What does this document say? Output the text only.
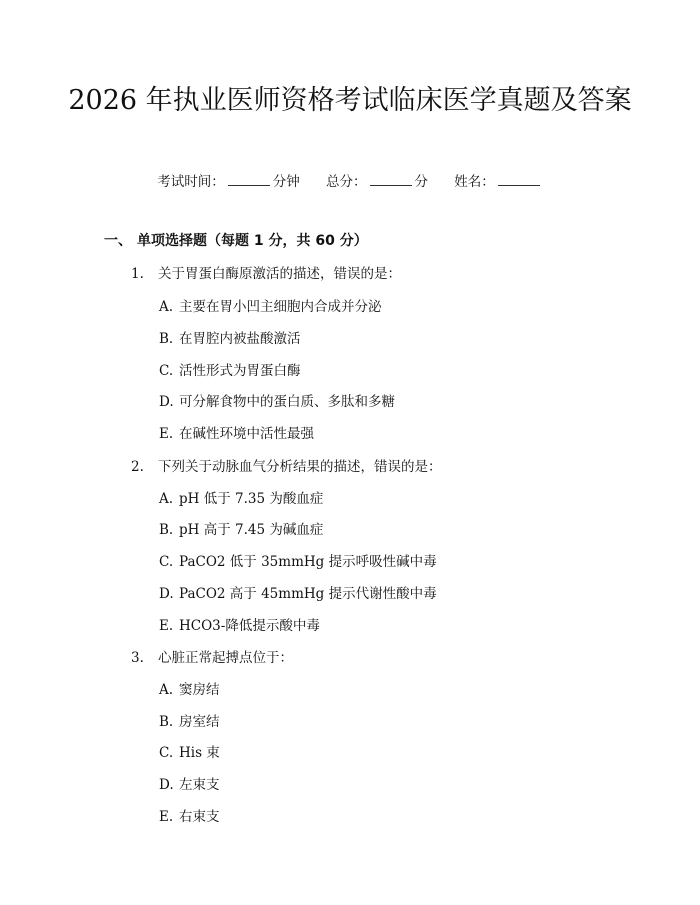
2026 年执业医师资格考试临床医学真题及答案
考试时间：	分钟 总分：	分 姓名：
一、 单项选择题（每题 1 分，共 60 分）
1. 关于胃蛋白酶原激活的描述，错误的是：
A. 主要在胃小凹主细胞内合成并分泌
B. 在胃腔内被盐酸激活
C. 活性形式为胃蛋白酶
D. 可分解食物中的蛋白质、多肽和多糖
E. 在碱性环境中活性最强
2. 下列关于动脉血气分析结果的描述，错误的是：
A. pH 低于 7.35 为酸血症
B. pH 高于 7.45 为碱血症
C. PaCO2 低于 35mmHg 提示呼吸性碱中毒
D. PaCO2 高于 45mmHg 提示代谢性酸中毒
E. HCO3-降低提示酸中毒
3. 心脏正常起搏点位于：
A. 窦房结
B. 房室结
C. His 束
D. 左束支
E. 右束支
